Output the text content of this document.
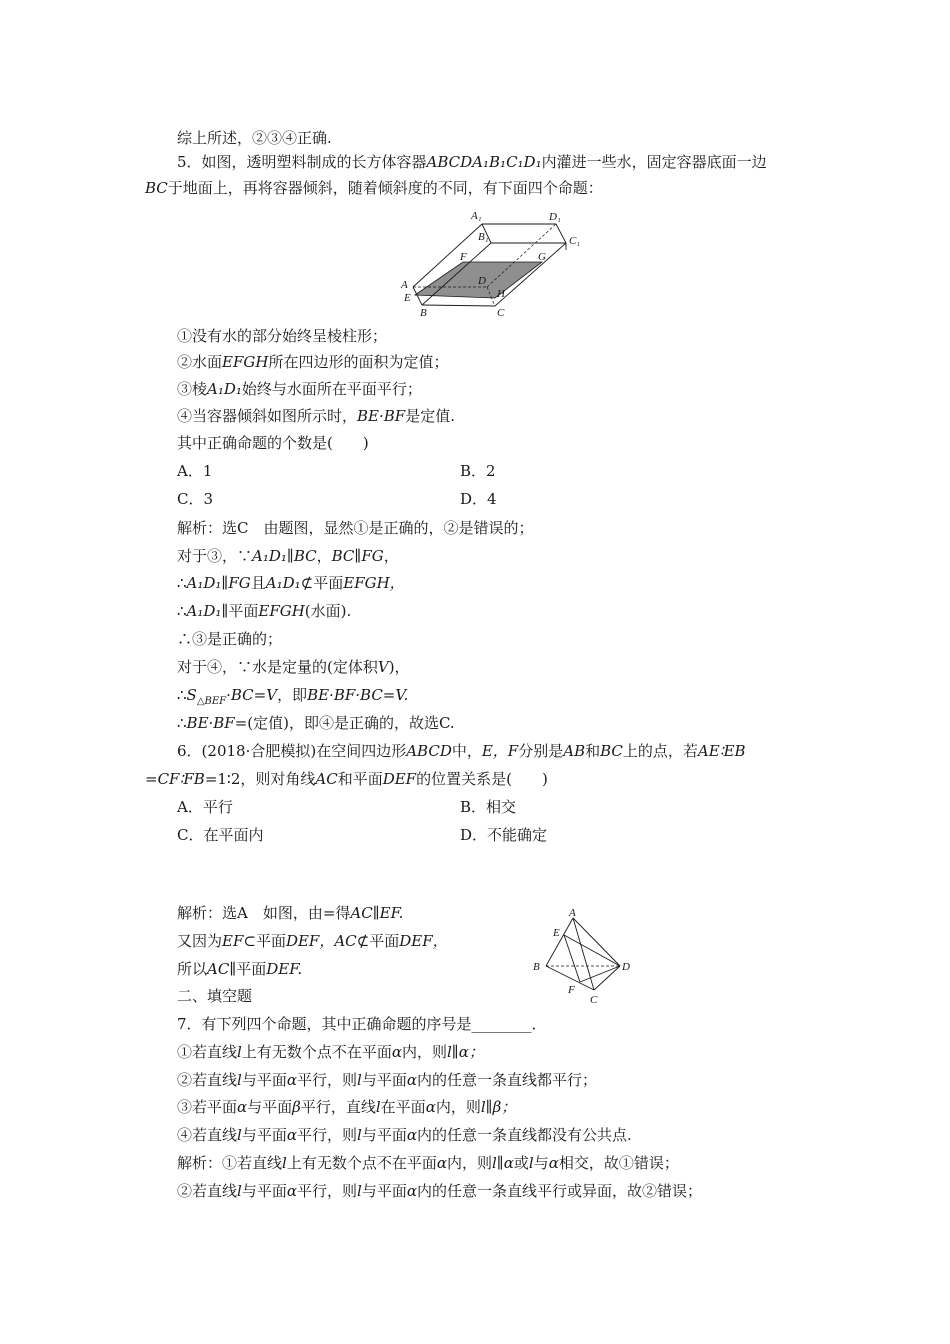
综上所述，②③④正确.
5．如图，透明塑料制成的长方体容器ABCDA₁B₁C₁D₁内灌进一些水，固定容器底面一边
BC于地面上，再将容器倾斜，随着倾斜度的不同，有下面四个命题：
A₁	D₁
B₁	C₁
A
F	G
D
E	H
B	C
①没有水的部分始终呈棱柱形；
②水面EFGH所在四边形的面积为定值；
③棱A₁D₁始终与水面所在平面平行；
④当容器倾斜如图所示时，BE·BF是定值.
其中正确命题的个数是(　　)
A．1	B．2
C．3	D．4
解析：选C　由题图，显然①是正确的，②是错误的；
对于③，∵A₁D₁∥BC，BC∥FG，
∴A₁D₁∥FG且A₁D₁⊄平面EFGH，
∴A₁D₁∥平面EFGH(水面).
∴③是正确的；
对于④，∵水是定量的(定体积V)，
$\therefore S_{\triangle BEF}\cdot BC=V$，即BE·BF·BC=V.
∴BE·BF=(定值)，即④是正确的，故选C.
6．(2018·合肥模拟)在空间四边形ABCD中，E，F分别是AB和BC上的点，若AE∶EB
=CF∶FB=1∶2，则对角线AC和平面DEF的位置关系是(　　)
A．平行	B．相交
C．在平面内	D．不能确定
解析：选A　如图，由=得AC∥EF.
又因为EF⊂平面DEF，AC⊄平面DEF，
所以AC∥平面DEF.
A
E
B	D
F
C
二、填空题
7．有下列四个命题，其中正确命题的序号是________．
①若直线l上有无数个点不在平面α内，则l∥α；
②若直线l与平面α平行，则l与平面α内的任意一条直线都平行；
③若平面α与平面β平行，直线l在平面α内，则l∥β；
④若直线l与平面α平行，则l与平面α内的任意一条直线都没有公共点.
解析：①若直线l上有无数个点不在平面α内，则l∥α或l与α相交，故①错误；
②若直线l与平面α平行，则l与平面α内的任意一条直线平行或异面，故②错误；
